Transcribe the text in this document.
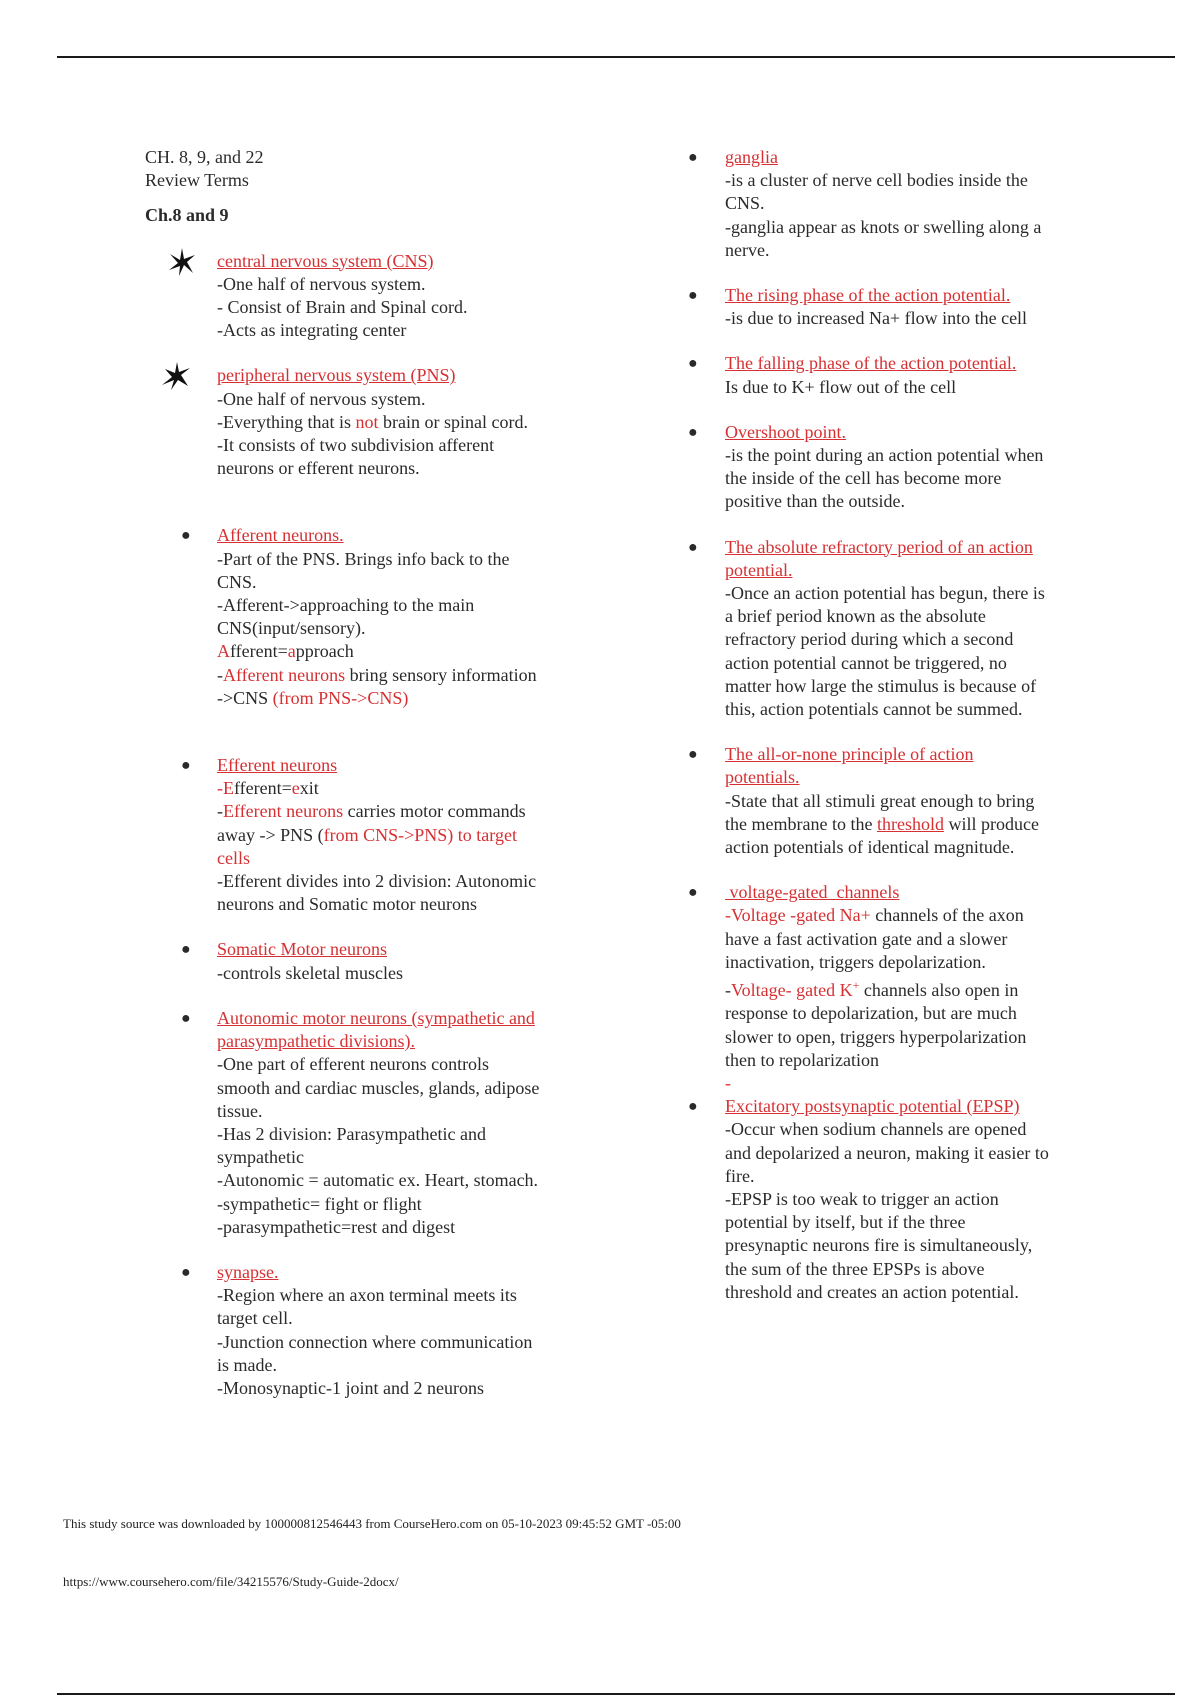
CH. 8, 9, and 22
Review Terms
Ch.8 and 9
central nervous system (CNS)
-One half of nervous system.
- Consist of Brain and Spinal cord.
-Acts as integrating center
peripheral nervous system (PNS)
-One half of nervous system.
-Everything that is not brain or spinal cord.
-It consists of two subdivision afferent
neurons or efferent neurons.
● Afferent neurons.
-Part of the PNS. Brings info back to the
CNS.
-Afferent->approaching to the main
CNS(input/sensory).
Afferent=approach
-Afferent neurons bring sensory information
->CNS (from PNS->CNS)
● Efferent neurons
-Efferent=exit
-Efferent neurons carries motor commands
away -> PNS (from CNS->PNS) to target
cells
-Efferent divides into 2 division: Autonomic
neurons and Somatic motor neurons
● Somatic Motor neurons
-controls skeletal muscles
● Autonomic motor neurons (sympathetic and
parasympathetic divisions).
-One part of efferent neurons controls
smooth and cardiac muscles, glands, adipose
tissue.
-Has 2 division: Parasympathetic and
sympathetic
-Autonomic = automatic ex. Heart, stomach.
-sympathetic= fight or flight
-parasympathetic=rest and digest
● synapse.
-Region where an axon terminal meets its
target cell.
-Junction connection where communication
is made.
-Monosynaptic-1 joint and 2 neurons
● ganglia
-is a cluster of nerve cell bodies inside the
CNS.
-ganglia appear as knots or swelling along a
nerve.
● The rising phase of the action potential.
-is due to increased Na+ flow into the cell
● The falling phase of the action potential.
Is due to K+ flow out of the cell
● Overshoot point.
-is the point during an action potential when
the inside of the cell has become more
positive than the outside.
● The absolute refractory period of an action
potential.
-Once an action potential has begun, there is
a brief period known as the absolute
refractory period during which a second
action potential cannot be triggered, no
matter how large the stimulus is because of
this, action potentials cannot be summed.
● The all-or-none principle of action
potentials.
-State that all stimuli great enough to bring
the membrane to the threshold will produce
action potentials of identical magnitude.
● voltage-gated  channels
-Voltage -gated Na+ channels of the axon
have a fast activation gate and a slower
inactivation, triggers depolarization.
-Voltage- gated K+ channels also open in
response to depolarization, but are much
slower to open, triggers hyperpolarization
then to repolarization
-
● Excitatory postsynaptic potential (EPSP)
-Occur when sodium channels are opened
and depolarized a neuron, making it easier to
fire.
-EPSP is too weak to trigger an action
potential by itself, but if the three
presynaptic neurons fire is simultaneously,
the sum of the three EPSPs is above
threshold and creates an action potential.
This study source was downloaded by 100000812546443 from CourseHero.com on 05-10-2023 09:45:52 GMT -05:00
https://www.coursehero.com/file/34215576/Study-Guide-2docx/
